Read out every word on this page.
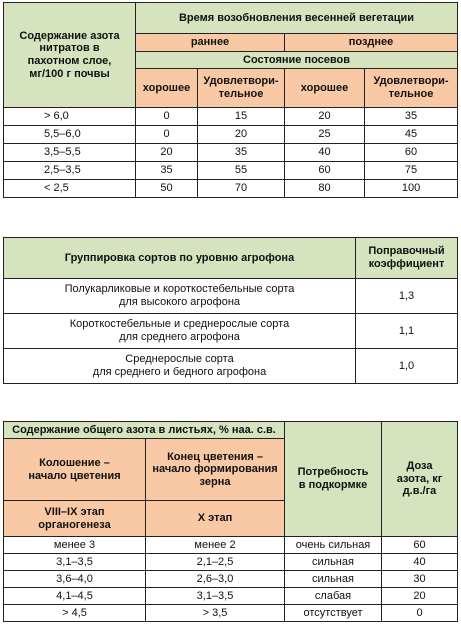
Содержание азота нитратов в пахотном слое, мг/100 г почвы	Время возобновления весенней вегетации			
	раннее		позднее	
	Состояние посевов			
	хорошее	Удовлетвори-тельное	хорошее	Удовлетвори-тельное
> 6,0	0	15	20	35
5,5–6,0	0	20	25	45
3,5–5,5	20	35	40	60
2,5–3,5	35	55	60	75
< 2,5	50	70	80	100
Группировка сортов по уровню агрофона	Поправочный коэффициент
Полукарликовые и короткостебельные сорта
для высокого агрофона	1,3
Короткостебельные и среднерослые сорта
для среднего агрофона	1,1
Среднерослые сорта
для среднего и бедного агрофона	1,0
Содержание общего азота в листьях, % наа. с.в.		Потребность в подкормке	Доза азота, кг д.в./га
Колошение – начало цветения	Конец цветения – начало формирования зерна		
VIII–IX этап органогенеза	X этап		
менее 3	менее 2	очень сильная	60
3,1–3,5	2,1–2,5	сильная	40
3,6–4,0	2,6–3,0	сильная	30
4,1–4,5	3,1–3,5	слабая	20
> 4,5	> 3,5	отсутствует	0
